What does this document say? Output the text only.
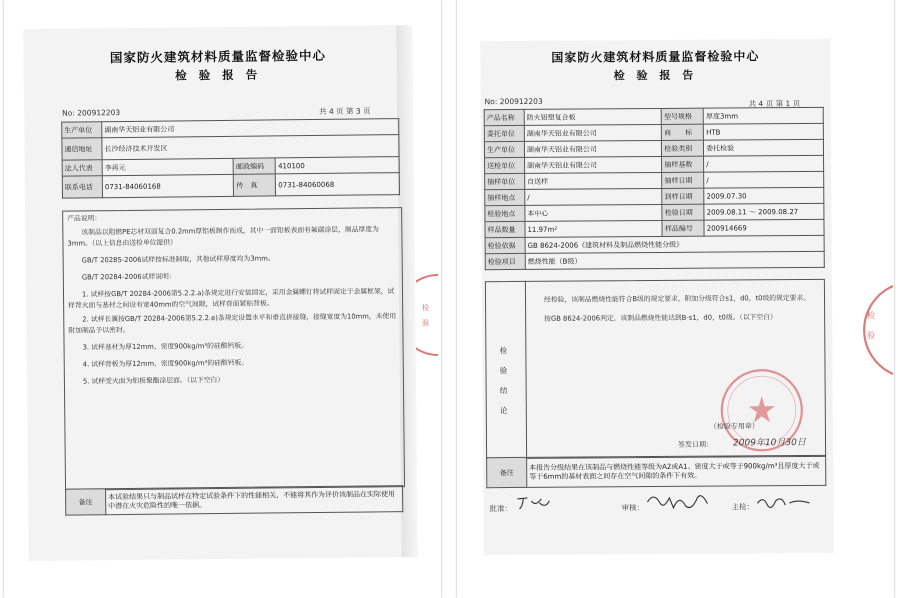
国家防火建筑材料质量监督检验中心
检 验 报 告
No: 200912203	共 4 页 第 3 页
生产单位	湖南华天铝业有限公司		
通信地址	长沙经济技术开发区		
法人代表	李再元	邮政编码	410100
联系电话	0731-84060168	传　真	0731-84060068

产品说明：

该制品以阻燃PE芯材双面复合0.2mm厚铝板制作而成，其中一面铝板表面有氟碳涂层，制品厚度为3mm。（以上信息由送检单位提供）

GB/T 20285-2006试样按标准制取，其他试样厚度均为3mm。

GB/T 20284-2006试样说明：

1. 试样按GB/T 20284-2006第5.2.2.a)条规定进行安装固定，采用金属螺钉将试样固定于金属框架，试样背火面与基材之间设有宽40mm的空气间隙，试样背面紧贴背板。

2. 试样长翼按GB/T 20284-2006第5.2.2.e)条规定设置水平和垂直拼接缝，接缝宽度为10mm，未使用附加制品予以密封。

3. 试样基材为厚12mm、密度900kg/m³的硅酸钙板。

4. 试样背板为厚12mm、密度900kg/m³的硅酸钙板。

5. 试样受火面为铝板聚酯涂层面。（以下空白）

备注	本试验结果只与制品试样在特定试验条件下的性能相关，不能将其作为评价该制品在实际使用中潜在火灾危险性的唯一依据。
检
验
国家防火建筑材料质量监督检验中心
检 验 报 告
No: 200912203	共 4 页 第 1 页
产品名称	防火铝塑复合板	型号规格	厚度3mm
委托单位	湖南华天铝业有限公司	商　　标	HTB
生产单位	湖南华天铝业有限公司	检验类别	委托检验
送检单位	湖南华天铝业有限公司	抽样基数	/
抽样单位	自送样	抽样日期	/
抽样地点	/	到样日期	2009.07.30
检验地点	本中心	检验日期	2009.08.11 ～ 2009.08.27
样品数量	11.97m²	样品编号	200914669
检验依据	GB 8624-2006《建筑材料及制品燃烧性能分级》		
检验项目	燃烧性能（B级）		
检
验
结
论

经检验，该制品燃烧性能符合B级的规定要求，附加分级符合s1，d0，t0级的规定要求。

按GB 8624-2006判定，该制品燃烧性能达到B-s1，d0，t0级。（以下空白）

（检验专用章）
2009年10月30日
签发日期：
备注	本报告分级结果在该制品与燃烧性能等级为A2或A1、密度大于或等于900kg/m³且厚度大于或等于6mm的基材表面之间存在空气间隙的条件下有效。
批准：	审核：	主检：
检
验
